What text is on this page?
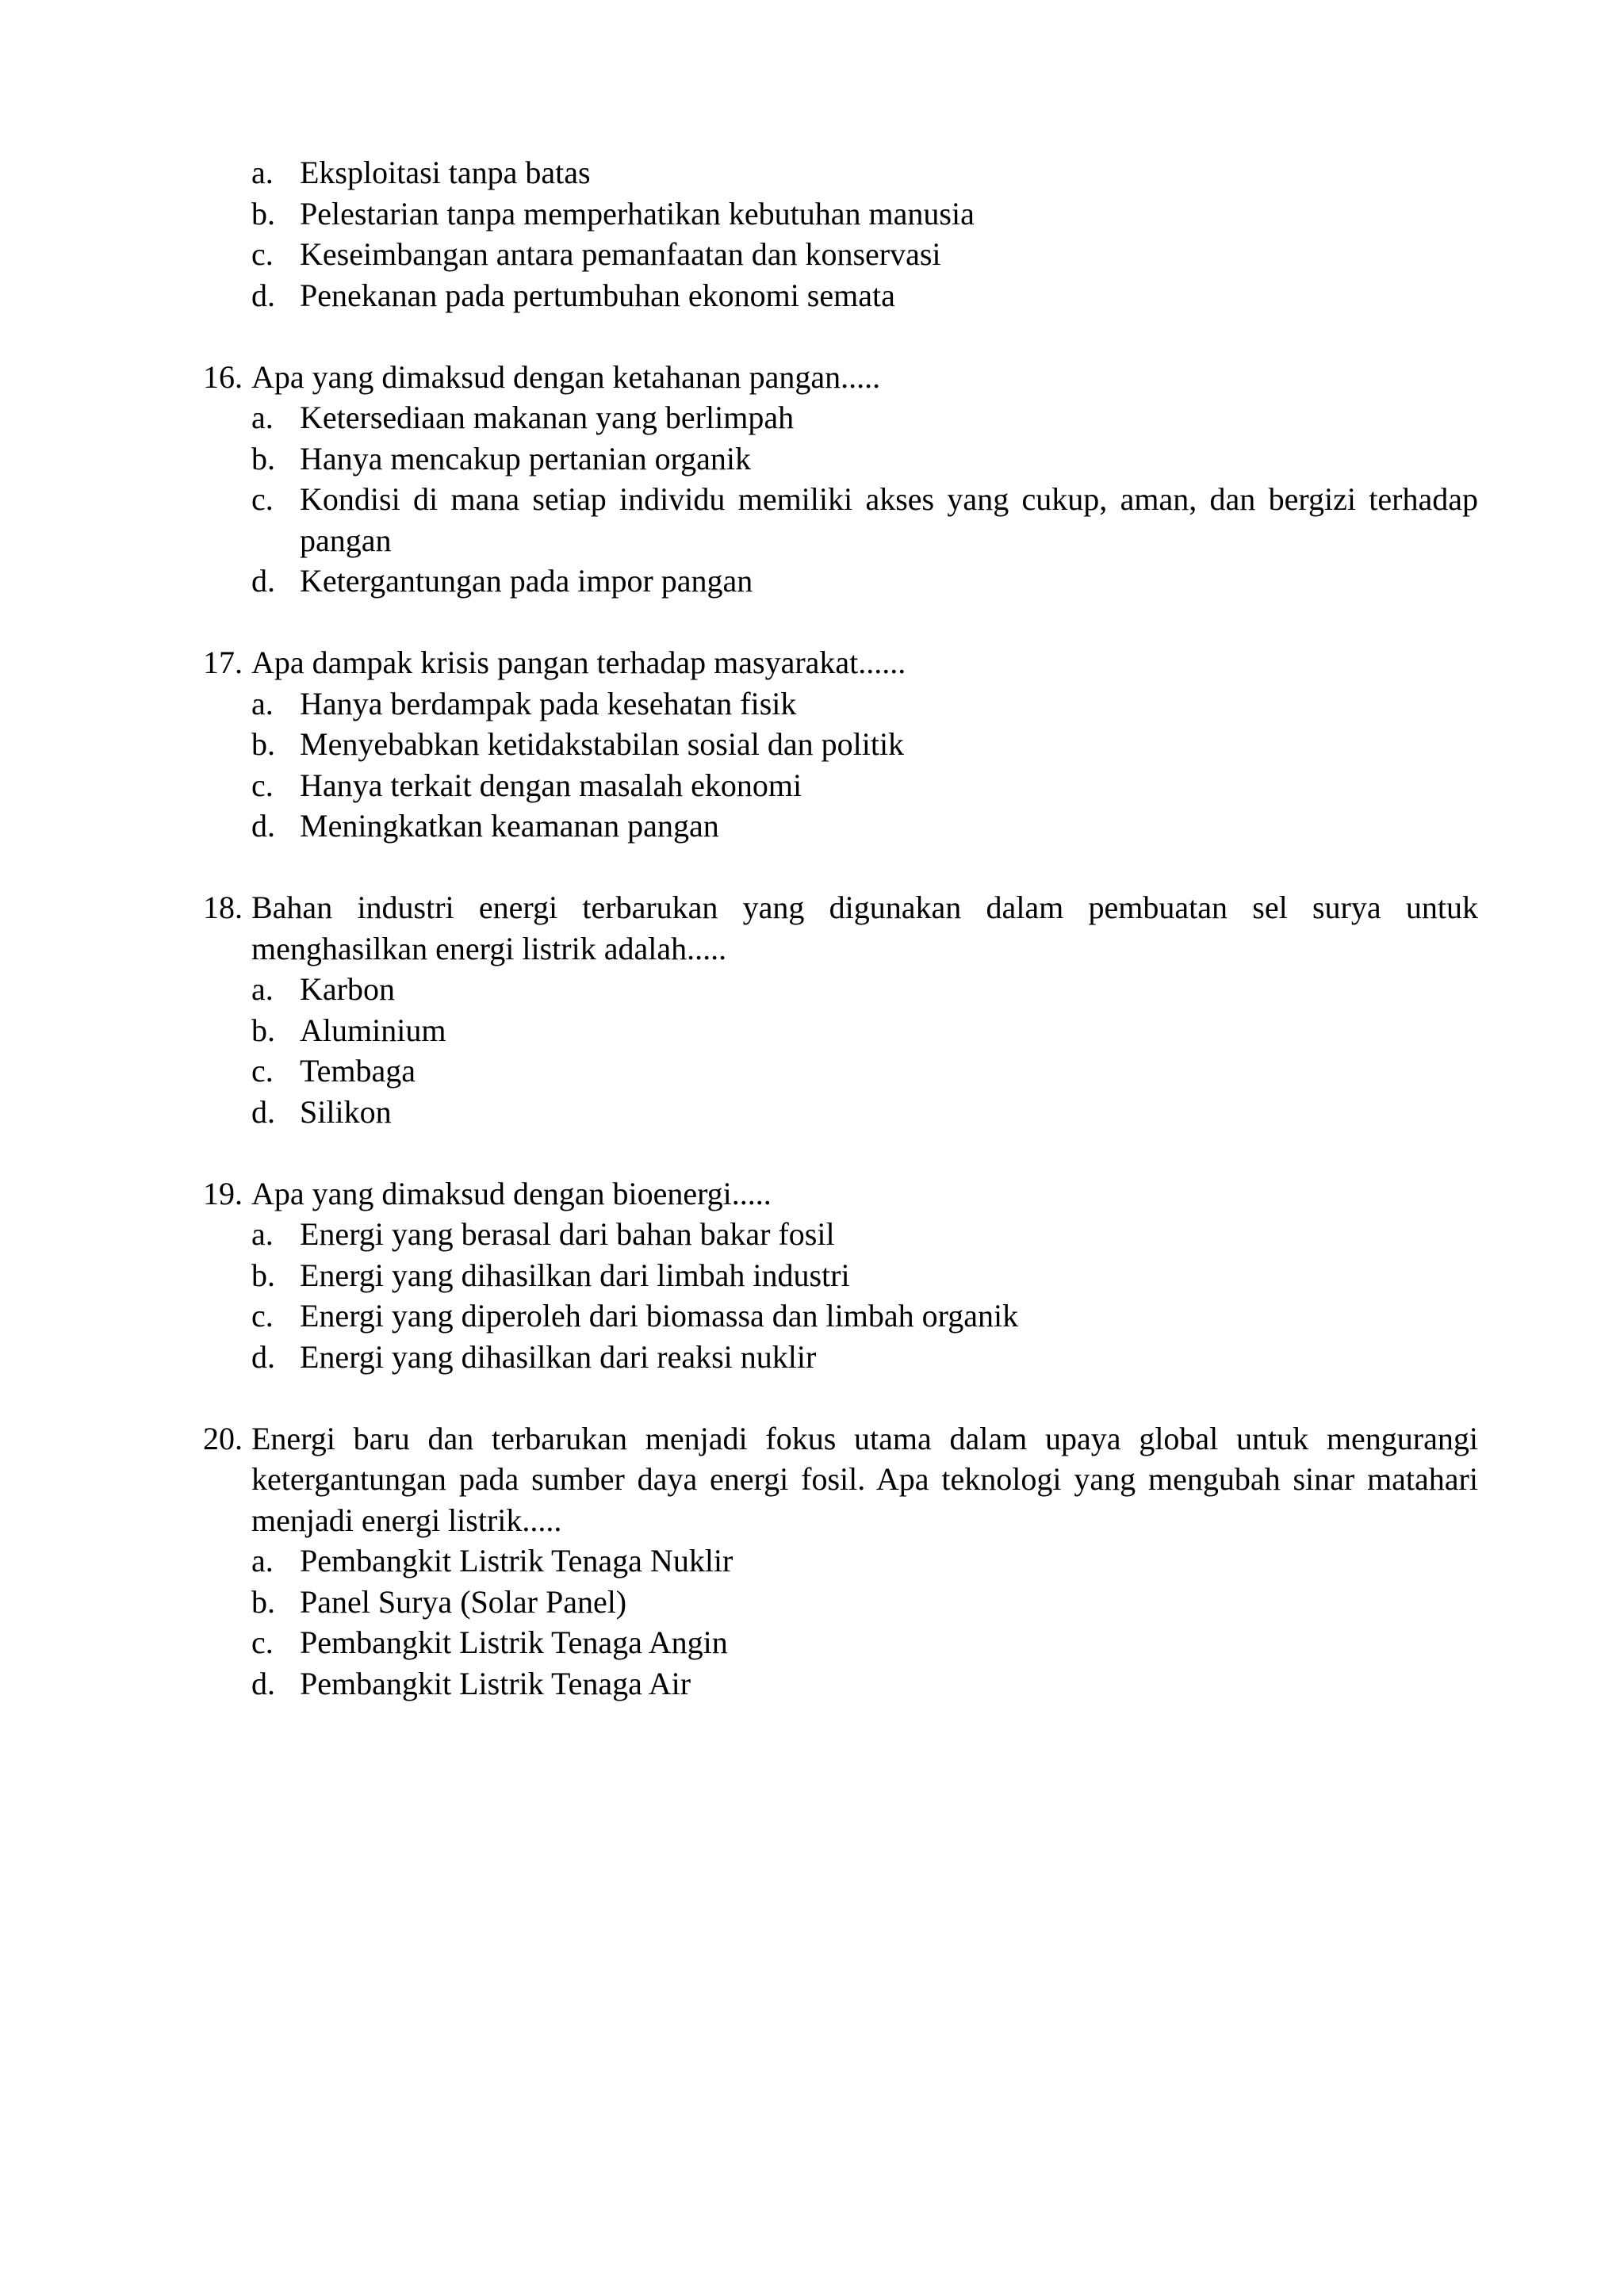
a. Eksploitasi tanpa batas
b. Pelestarian tanpa memperhatikan kebutuhan manusia
c. Keseimbangan antara pemanfaatan dan konservasi
d. Penekanan pada pertumbuhan ekonomi semata
16. Apa yang dimaksud dengan ketahanan pangan.....
a. Ketersediaan makanan yang berlimpah
b. Hanya mencakup pertanian organik
c. Kondisi di mana setiap individu memiliki akses yang cukup, aman, dan bergizi terhadap pangan
d. Ketergantungan pada impor pangan
17. Apa dampak krisis pangan terhadap masyarakat......
a. Hanya berdampak pada kesehatan fisik
b. Menyebabkan ketidakstabilan sosial dan politik
c. Hanya terkait dengan masalah ekonomi
d. Meningkatkan keamanan pangan
18. Bahan industri energi terbarukan yang digunakan dalam pembuatan sel surya untuk menghasilkan energi listrik adalah.....
a. Karbon
b. Aluminium
c. Tembaga
d. Silikon
19. Apa yang dimaksud dengan bioenergi.....
a. Energi yang berasal dari bahan bakar fosil
b. Energi yang dihasilkan dari limbah industri
c. Energi yang diperoleh dari biomassa dan limbah organik
d. Energi yang dihasilkan dari reaksi nuklir
20. Energi baru dan terbarukan menjadi fokus utama dalam upaya global untuk mengurangi ketergantungan pada sumber daya energi fosil. Apa teknologi yang mengubah sinar matahari menjadi energi listrik.....
a. Pembangkit Listrik Tenaga Nuklir
b. Panel Surya (Solar Panel)
c. Pembangkit Listrik Tenaga Angin
d. Pembangkit Listrik Tenaga Air
